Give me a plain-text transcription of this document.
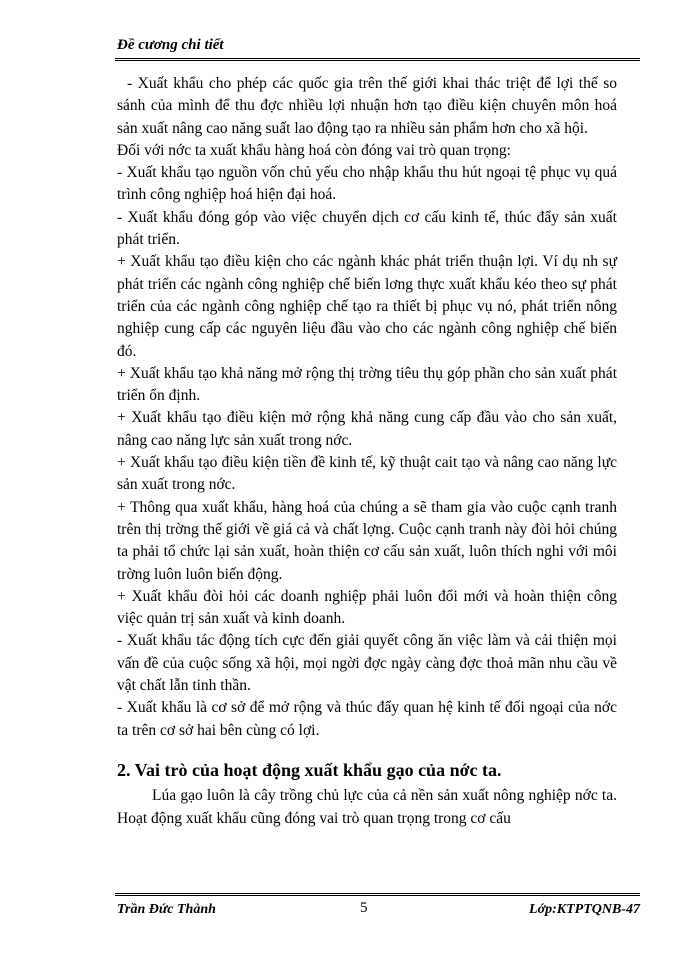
Đề cương chi tiết

- Xuất khẩu cho phép các quốc gia trên thế giới khai thác triệt để lợi thế so sánh của mình để thu đợc nhiều lợi nhuận hơn tạo điều kiện chuyên môn hoá sản xuất nâng cao năng suất lao động tạo ra nhiều sản phẩm hơn cho xã hội.

Đối với nớc ta xuất khẩu hàng hoá còn đóng vai trò quan trọng:

- Xuất khẩu tạo nguồn vốn chủ yếu cho nhập khẩu thu hút ngoại tệ phục vụ quá trình công nghiệp hoá hiện đại hoá.

- Xuất khẩu đóng góp vào việc chuyển dịch cơ cấu kinh tế, thúc đẩy sản xuất phát triển.

+ Xuất khẩu tạo điều kiện cho các ngành khác phát triển thuận lợi. Ví dụ nh sự phát triển các ngành công nghiệp chế biến lơng thực xuất khẩu kéo theo sự phát triển của các ngành công nghiệp chế tạo ra thiết bị phục vụ nó, phát triển nông nghiệp cung cấp các nguyên liệu đầu vào cho các ngành công nghiệp chế biến đó.

+ Xuất khẩu tạo khả năng mở rộng thị trờng tiêu thụ góp phần cho sản xuất phát triển ổn định.

+ Xuất khẩu tạo điều kiện mở rộng khả năng cung cấp đầu vào cho sản xuất, nâng cao năng lực sản xuất trong nớc.

+ Xuất khẩu tạo điều kiện tiền đề kinh tế, kỹ thuật cait tạo và nâng cao năng lực sản xuất trong nớc.

+ Thông qua xuất khẩu, hàng hoá của chúng a sẽ tham gia vào cuộc cạnh tranh trên thị trờng thế giới về giá cả và chất lợng. Cuộc cạnh tranh này đòi hỏi chúng ta phải tổ chức lại sản xuất, hoàn thiện cơ cấu sản xuất, luôn thích nghi với môi trờng luôn luôn biến động.

+ Xuất khẩu đòi hỏi các doanh nghiệp phải luôn đổi mới và hoàn thiện công việc quản trị sản xuất và kinh doanh.

- Xuất khẩu tác động tích cực đến giải quyết công ăn việc làm và cải thiện mọi vấn đề của cuộc sống xã hội, mọi ngời đợc ngày càng đợc thoả mãn nhu cầu về vật chất lẫn tinh thần.

- Xuất khẩu là cơ sở để mở rộng và thúc đẩy quan hệ kinh tế đối ngoại của nớc ta trên cơ sở hai bên cùng có lợi.

2. Vai trò của hoạt động xuất khẩu gạo của nớc ta.

Lúa gạo luôn là cây trồng chủ lực của cả nền sản xuất nông nghiệp nớc ta. Hoạt động xuất khẩu cũng đóng vai trò quan trọng trong cơ cấu

Trần Đức Thành	5	Lớp:KTPTQNB-47
